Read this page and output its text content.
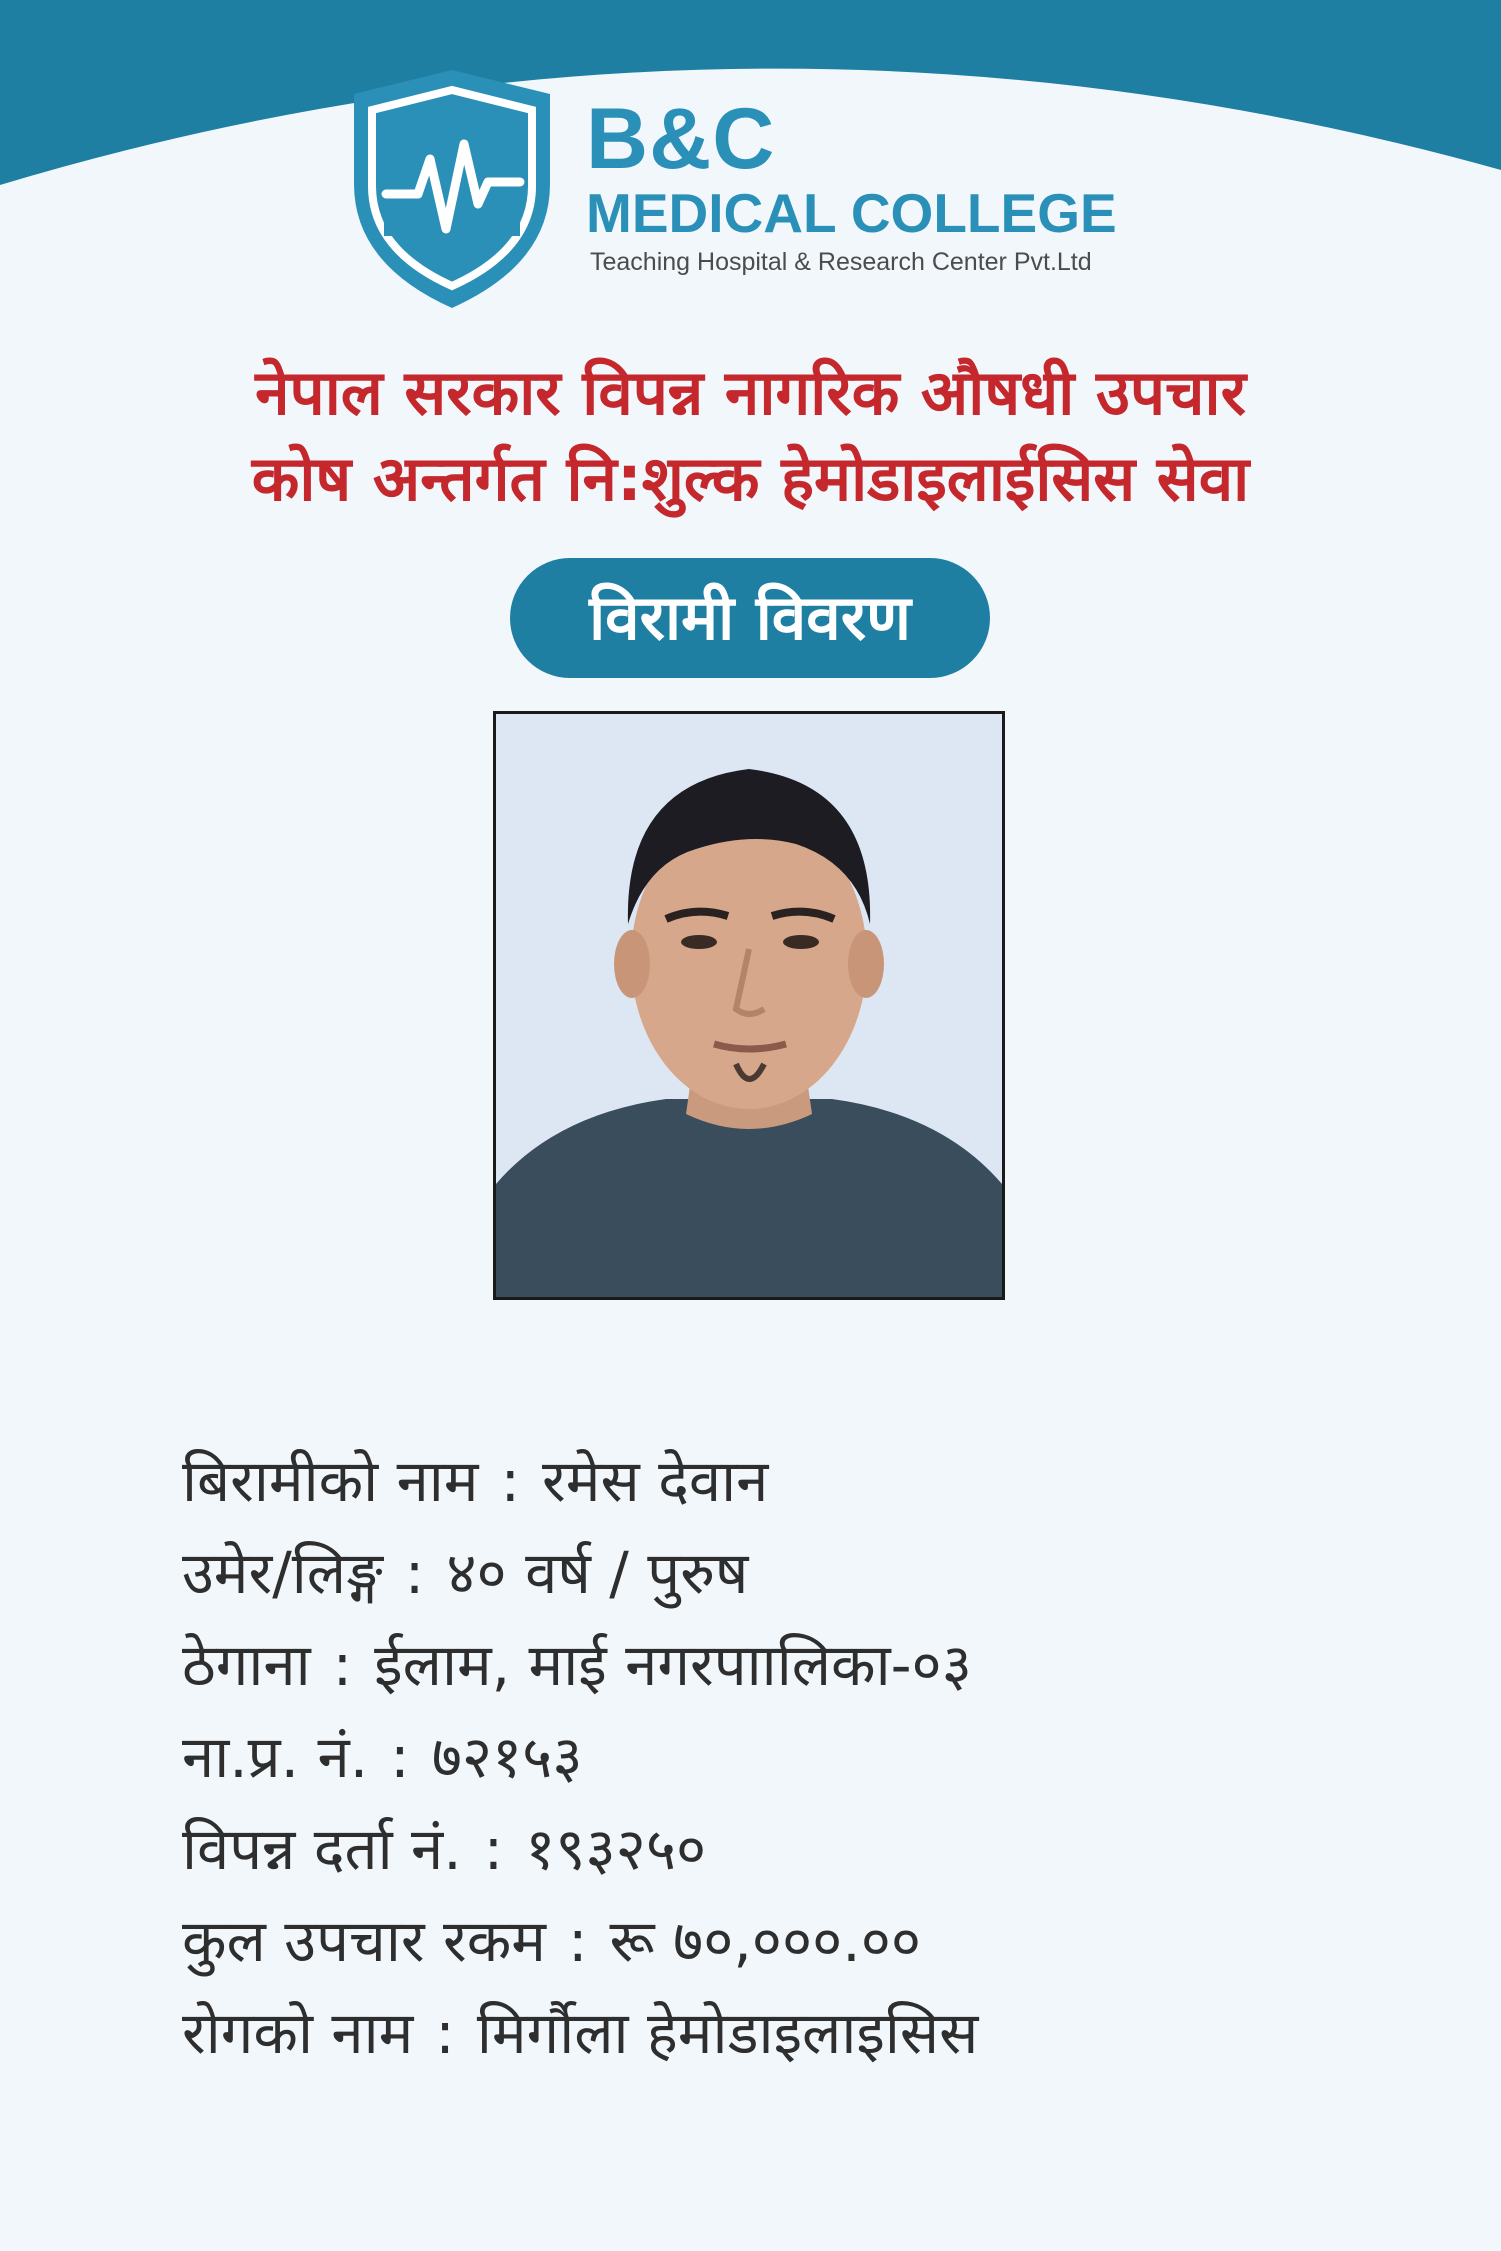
B&C
MEDICAL COLLEGE
Teaching Hospital & Research Center Pvt.Ltd
नेपाल सरकार विपन्न नागरिक औषधी उपचार
कोष अन्तर्गत नि:शुल्क हेमोडाइलाईसिस सेवा
विरामी विवरण
बिरामीको नाम : रमेस देवान
उमेर/लिङ्ग : ४० वर्ष / पुरुष
ठेगाना : ईलाम, माई नगरपाालिका-०३
ना.प्र. नं. : ७२१५३
विपन्न दर्ता नं. : १९३२५०
कुल उपचार रकम : रू ७०,०००.००
रोगको नाम : मिर्गौला हेमोडाइलाइसिस
